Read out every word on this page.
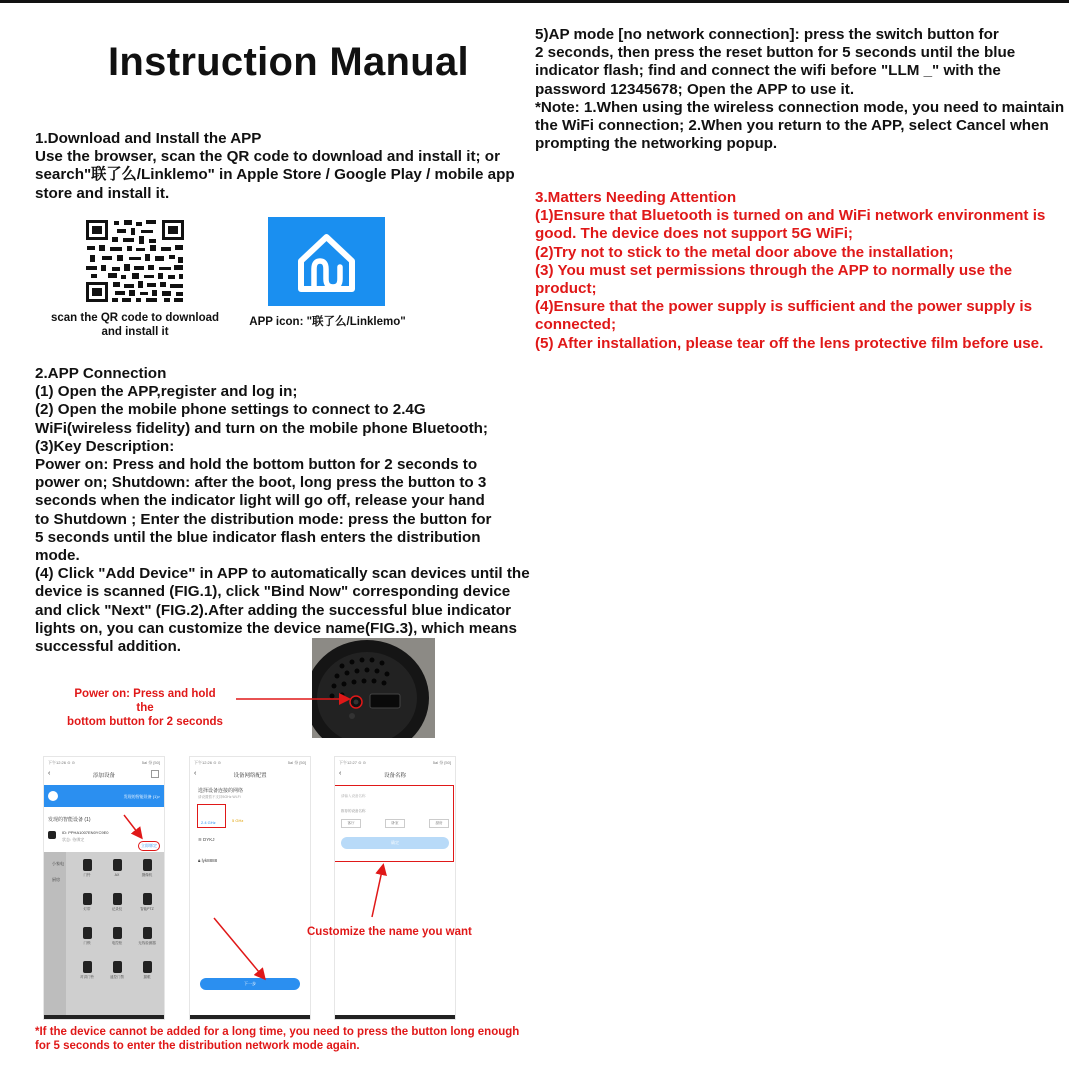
Instruction Manual

1.Download and Install the APP

Use the browser, scan the QR code to download and install it; or

search"联了么/Linklemo" in Apple Store / Google Play / mobile app

store and install it.

scan the QR code to download
and install it
APP icon: "联了么/Linklemo"

2.APP Connection

(1) Open the APP,register and log in;

(2) Open the mobile phone settings to connect to 2.4G

WiFi(wireless fidelity) and turn on the mobile phone Bluetooth;

(3)Key Description:

Power on: Press and hold the bottom button for 2 seconds to

power on; Shutdown: after the boot, long press the button to 3

seconds when the indicator light will go off, release your hand

to Shutdown ; Enter the distribution mode: press the button for

5 seconds until the blue indicator flash enters the distribution

mode.

(4) Click "Add Device" in APP to automatically scan devices until the

device is scanned (FIG.1), click "Bind Now" corresponding device

and click "Next" (FIG.2).After adding the successful blue indicator

lights on, you can customize the device name(FIG.3), which means

successful addition.

Power on: Press and hold the
bottom button for 2 seconds
下午12:26 ⊙ ⊙	5al 奈 [50]
‹	添加设备
发现的智能设备 (1)>
发现的智能设备 (1)
ID: PPHA1007EN0YC9E0
状态: 待绑定
立即绑定
小家电
厨房
门铃	AX	摄像机
灯带	记录仪	智能PTZ
门锁	电控柜	无线检测器
对讲门铃	遥控门禁	猫眼
下午12:26 ⊙ ⊙	5al 奈 [50]
‹	设备网络配置
选择设备连接的网络
请设置暂不支持5GHz Wi-Fi
2.4 GHz	5 GHz
≋ DYKJ
🔒︎ lyk8888
下一步
下午12:27 ⊙ ⊙	5al 奈 [50]
‹	设备名称
请输入设备名称
推荐的设备名称
客厅	卧室	厨房
确定
Customize the name you want
*If the device cannot be added for a long time, you need to press the button long enough
for 5 seconds to enter the distribution network mode again.

5)AP mode [no network connection]: press the switch button for

2 seconds, then press the reset button for 5 seconds until the blue

indicator flash; find and connect the wifi before "LLM _" with the

password 12345678; Open the APP to use it.

*Note: 1.When using the wireless connection mode, you need to maintain

the WiFi connection; 2.When you return to the APP, select Cancel when

prompting the networking popup.

3.Matters Needing Attention

(1)Ensure that Bluetooth is turned on and WiFi network environment is

good. The device does not support 5G WiFi;

(2)Try not to stick to the metal door above the installation;

(3) You must set permissions through the APP to normally use the

product;

(4)Ensure that the power supply is sufficient and the power supply is

connected;

(5) After installation, please tear off the lens protective film before use.
